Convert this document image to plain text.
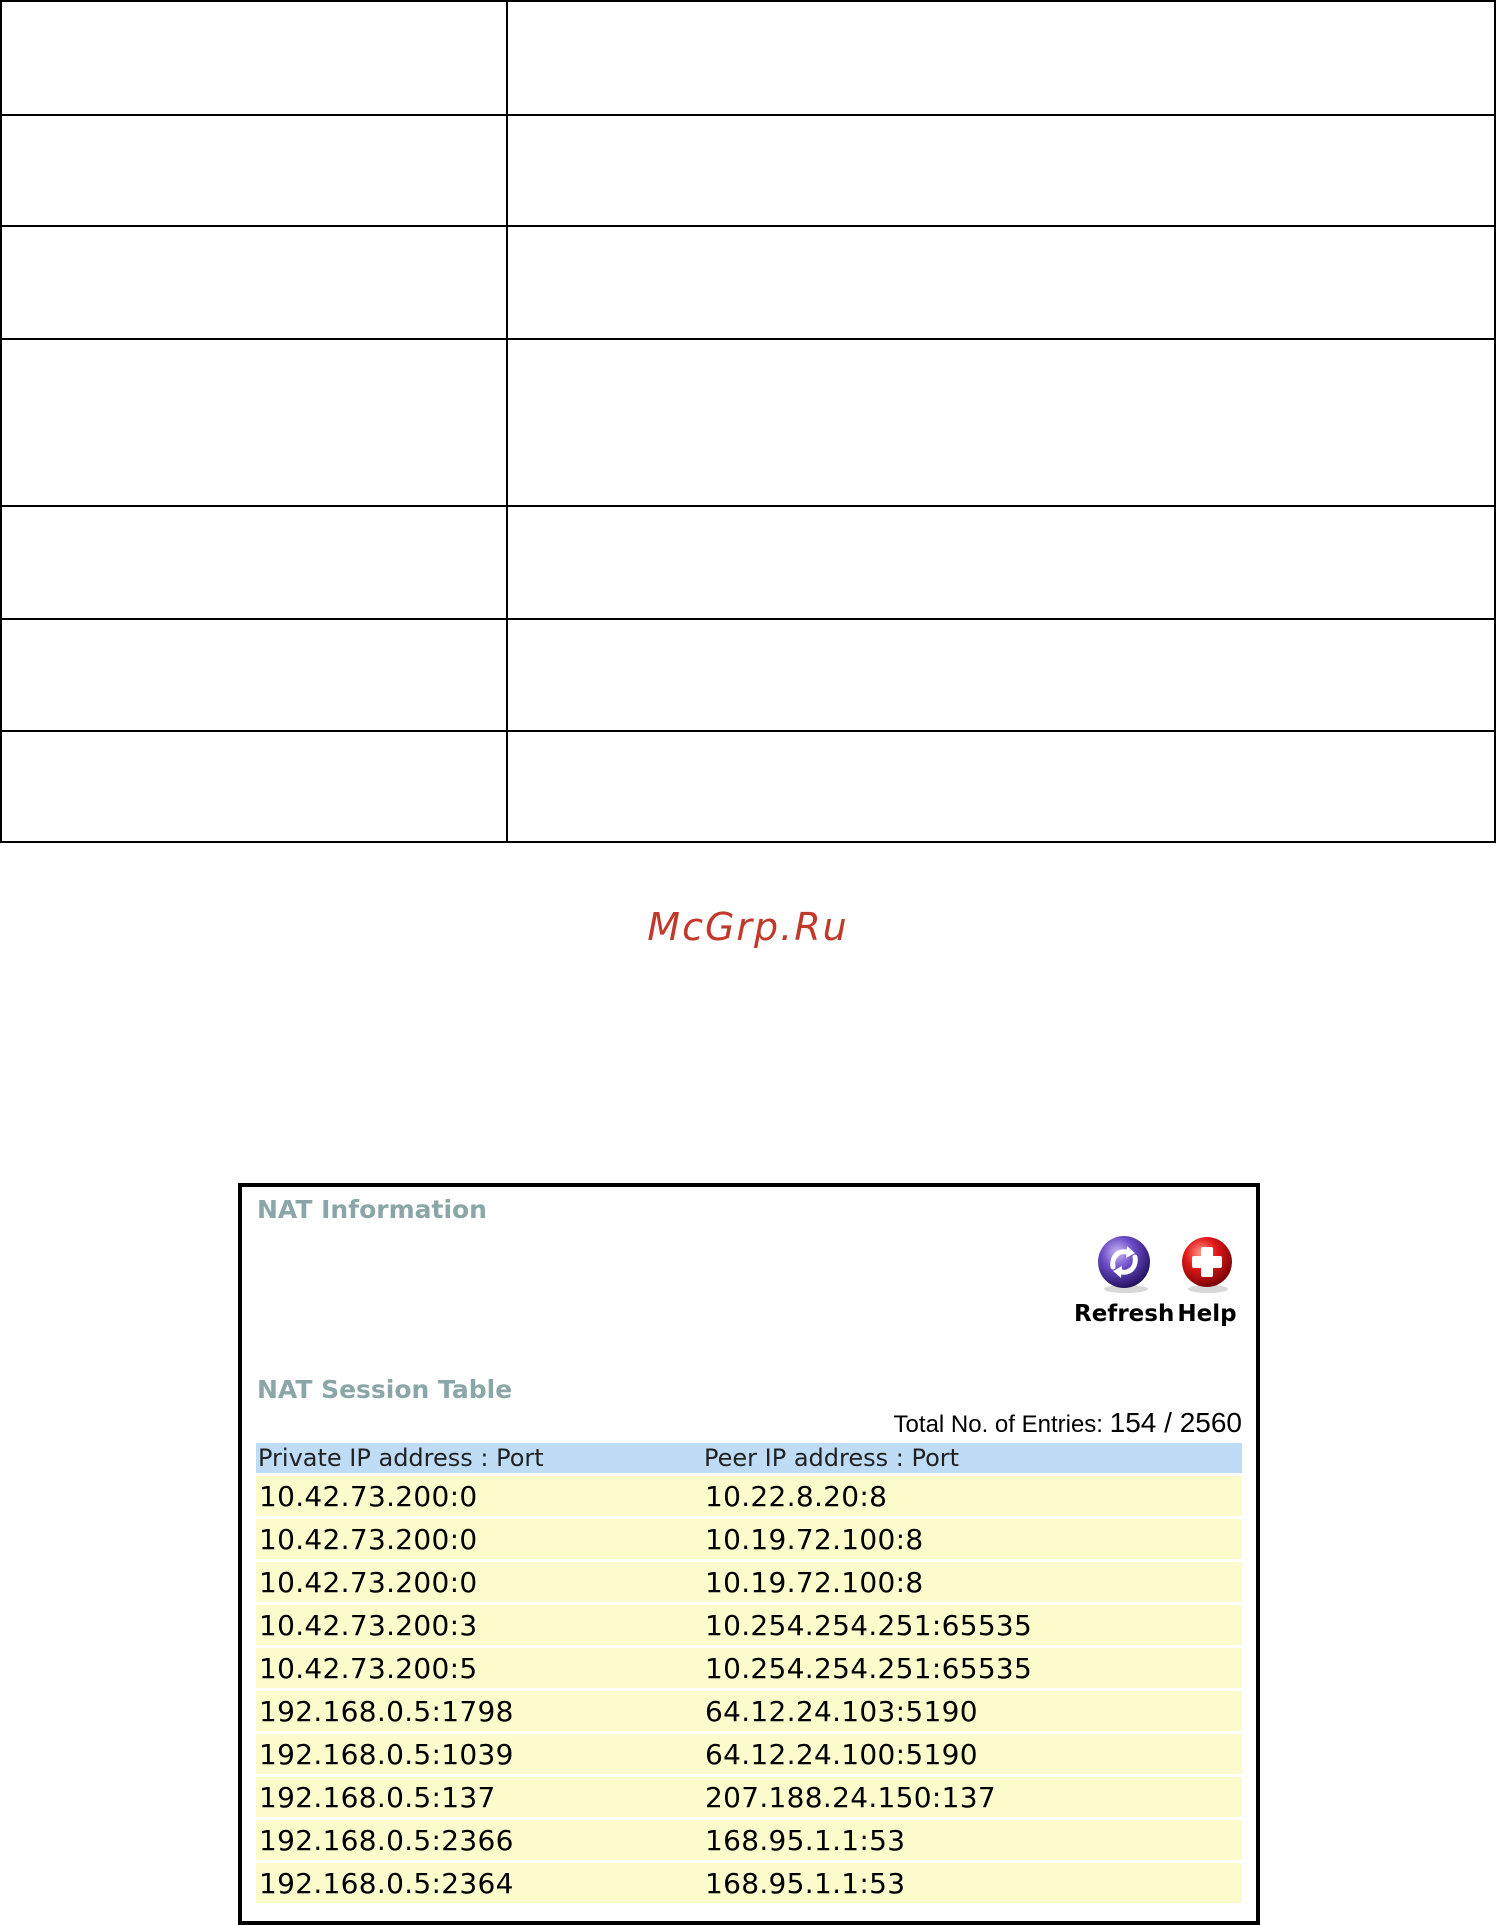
McGrp.Ru
NAT Information
Refresh Help
NAT Session Table
Total No. of Entries: 154 / 2560
Private IP address : Port	Peer IP address : Port
10.42.73.200:0	10.22.8.20:8
10.42.73.200:0	10.19.72.100:8
10.42.73.200:0	10.19.72.100:8
10.42.73.200:3	10.254.254.251:65535
10.42.73.200:5	10.254.254.251:65535
192.168.0.5:1798	64.12.24.103:5190
192.168.0.5:1039	64.12.24.100:5190
192.168.0.5:137	207.188.24.150:137
192.168.0.5:2366	168.95.1.1:53
192.168.0.5:2364	168.95.1.1:53
